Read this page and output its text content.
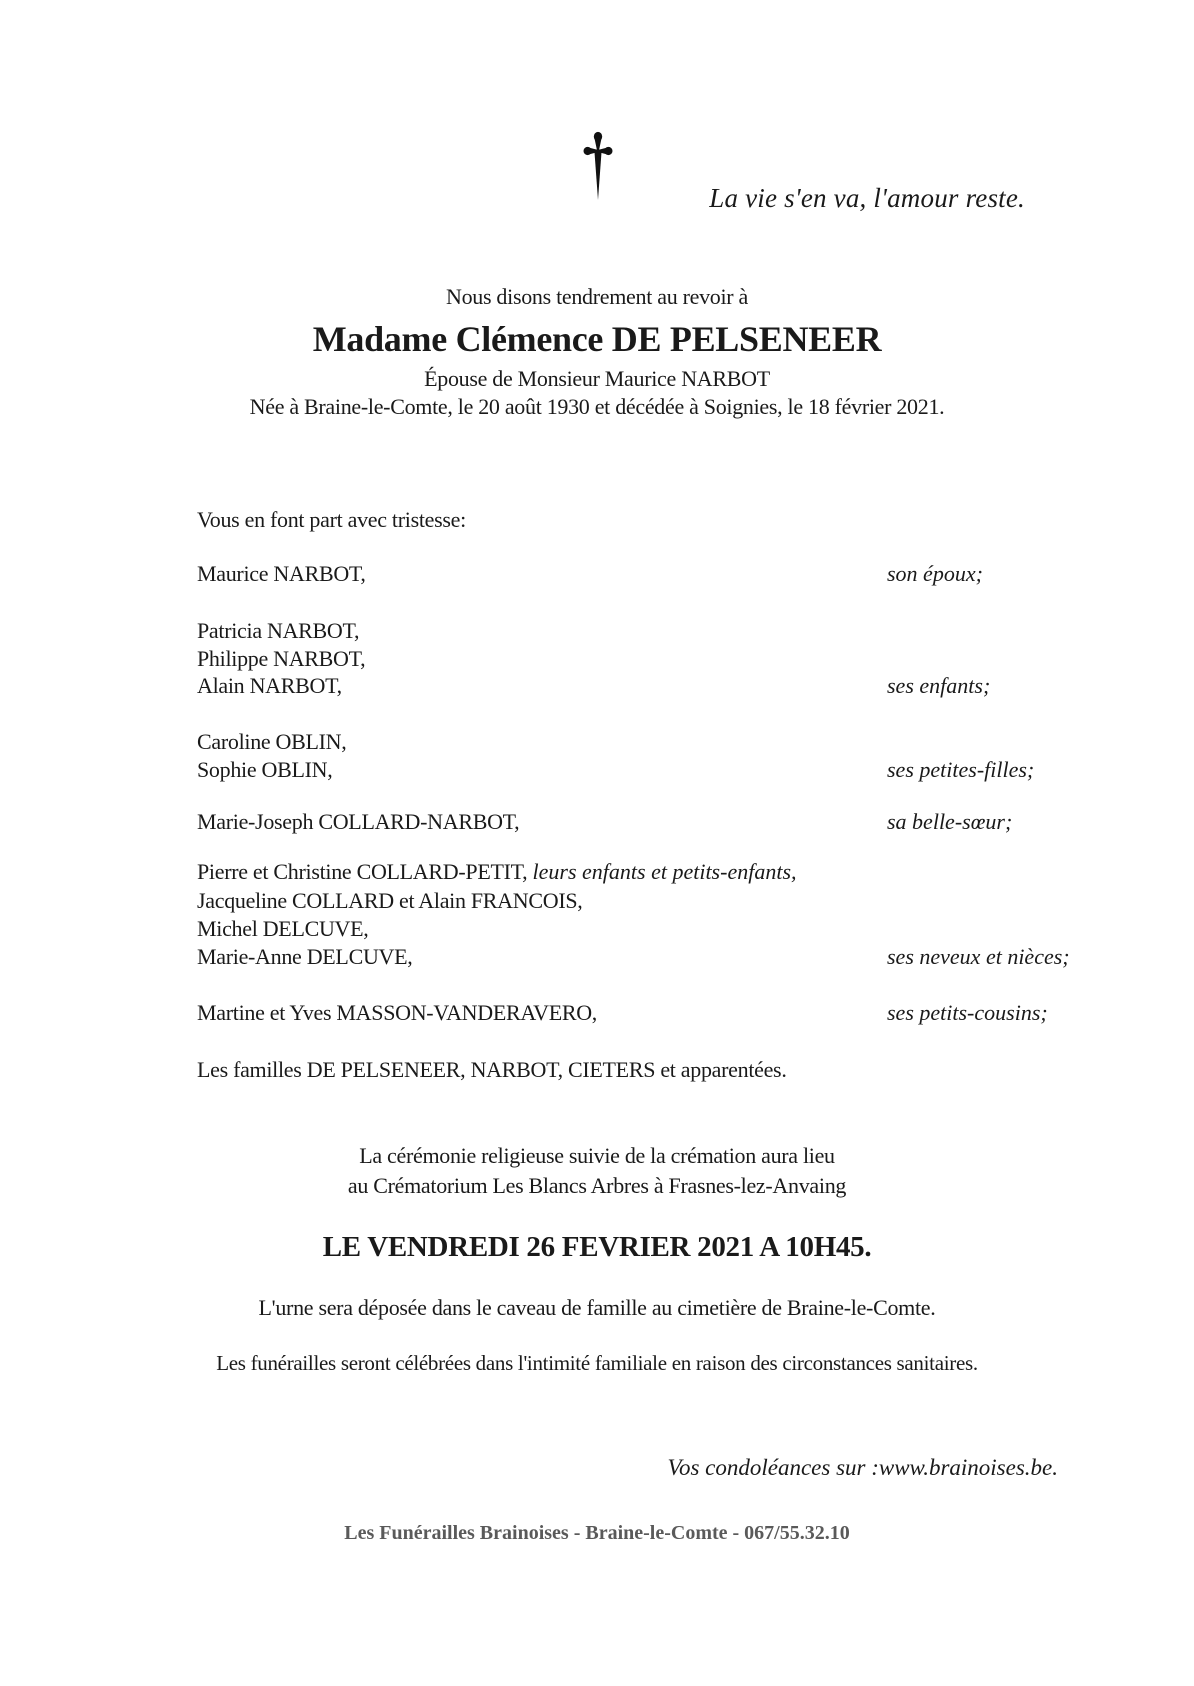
La vie s'en va, l'amour reste.
Nous disons tendrement au revoir à
Madame Clémence DE PELSENEER
Épouse de Monsieur Maurice NARBOT
Née à Braine-le-Comte, le 20 août 1930 et décédée à Soignies, le 18 février 2021.
Vous en font part avec tristesse:
Maurice NARBOT,	son époux;
Patricia NARBOT,
Philippe NARBOT,
Alain NARBOT,	ses enfants;
Caroline OBLIN,
Sophie OBLIN,	ses petites-filles;
Marie-Joseph COLLARD-NARBOT,	sa belle-sœur;
Pierre et Christine COLLARD-PETIT, leurs enfants et petits-enfants,
Jacqueline COLLARD et Alain FRANCOIS,
Michel DELCUVE,
Marie-Anne DELCUVE,	ses neveux et nièces;
Martine et Yves MASSON-VANDERAVERO,	ses petits-cousins;
Les familles DE PELSENEER, NARBOT, CIETERS et apparentées.
La cérémonie religieuse suivie de la crémation aura lieu
au Crématorium Les Blancs Arbres à Frasnes-lez-Anvaing
LE VENDREDI 26 FEVRIER 2021 A 10H45.
L'urne sera déposée dans le caveau de famille au cimetière de Braine-le-Comte.
Les funérailles seront célébrées dans l'intimité familiale en raison des circonstances sanitaires.
Vos condoléances sur :www.brainoises.be.
Les Funérailles Brainoises - Braine-le-Comte - 067/55.32.10
